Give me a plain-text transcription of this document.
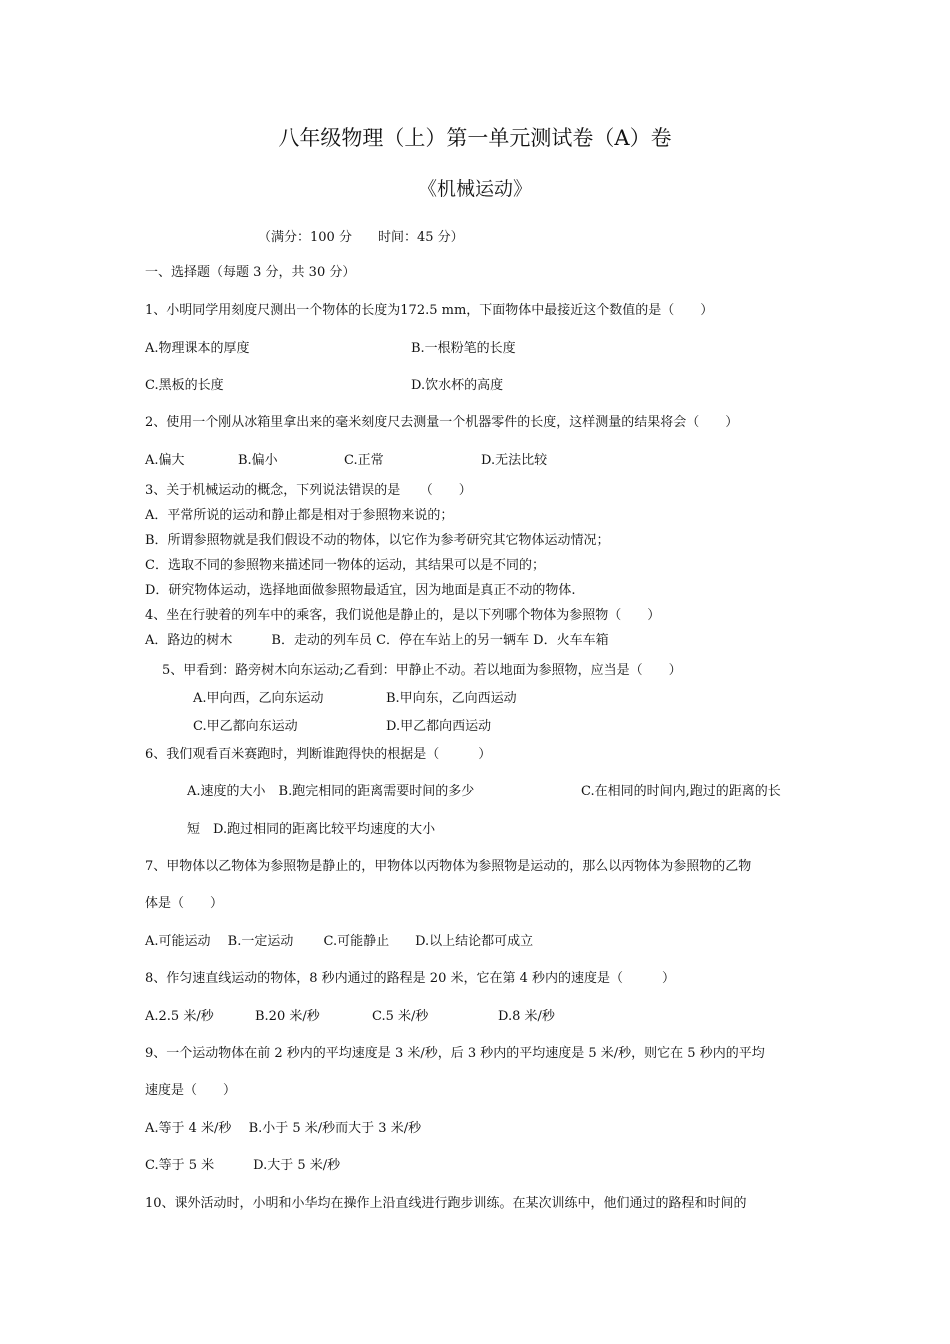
八年级物理（上）第一单元测试卷（A）卷
《机械运动》
（满分：100 分　　时间：45 分）
一、选择题（每题 3 分，共 30 分）
1、小明同学用刻度尺测出一个物体的长度为172.5 mm，下面物体中最接近这个数值的是（　　）
A.物理课本的厚度	B.一根粉笔的长度
C.黑板的长度	D.饮水杯的高度
2、使用一个刚从冰箱里拿出来的毫米刻度尺去测量一个机器零件的长度，这样测量的结果将会（　　）
A.偏大	B.偏小	C.正常	D.无法比较
3、关于机械运动的概念，下列说法错误的是　　（　　）
A．平常所说的运动和静止都是相对于参照物来说的；
B．所谓参照物就是我们假设不动的物体，以它作为参考研究其它物体运动情况；
C．选取不同的参照物来描述同一物体的运动，其结果可以是不同的；
D．研究物体运动，选择地面做参照物最适宜，因为地面是真正不动的物体.
4、坐在行驶着的列车中的乘客，我们说他是静止的，是以下列哪个物体为参照物（　　）
A．路边的树木　　　B．走动的列车员 C．停在车站上的另一辆车 D．火车车箱
5、甲看到：路旁树木向东运动;乙看到：甲静止不动。若以地面为参照物，应当是（　　）
A.甲向西，乙向东运动	B.甲向东，乙向西运动
C.甲乙都向东运动	D.甲乙都向西运动
6、我们观看百米赛跑时，判断谁跑得快的根据是（　　　）
A.速度的大小　B.跑完相同的距离需要时间的多少	C.在相同的时间内,跑过的距离的长
短　D.跑过相同的距离比较平均速度的大小
7、甲物体以乙物体为参照物是静止的，甲物体以丙物体为参照物是运动的，那么以丙物体为参照物的乙物
体是（　　）
A.可能运动　 B.一定运动　　 C.可能静止　　D.以上结论都可成立
8、作匀速直线运动的物体，8 秒内通过的路程是 20 米，它在第 4 秒内的速度是（　　　）
A.2.5 米/秒	B.20 米/秒	C.5 米/秒	D.8 米/秒
9、一个运动物体在前 2 秒内的平均速度是 3 米/秒，后 3 秒内的平均速度是 5 米/秒，则它在 5 秒内的平均
速度是（　　）
A.等于 4 米/秒　 B.小于 5 米/秒而大于 3 米/秒
C.等于 5 米　　　D.大于 5 米/秒
10、课外活动时，小明和小华均在操作上沿直线进行跑步训练。在某次训练中，他们通过的路程和时间的
